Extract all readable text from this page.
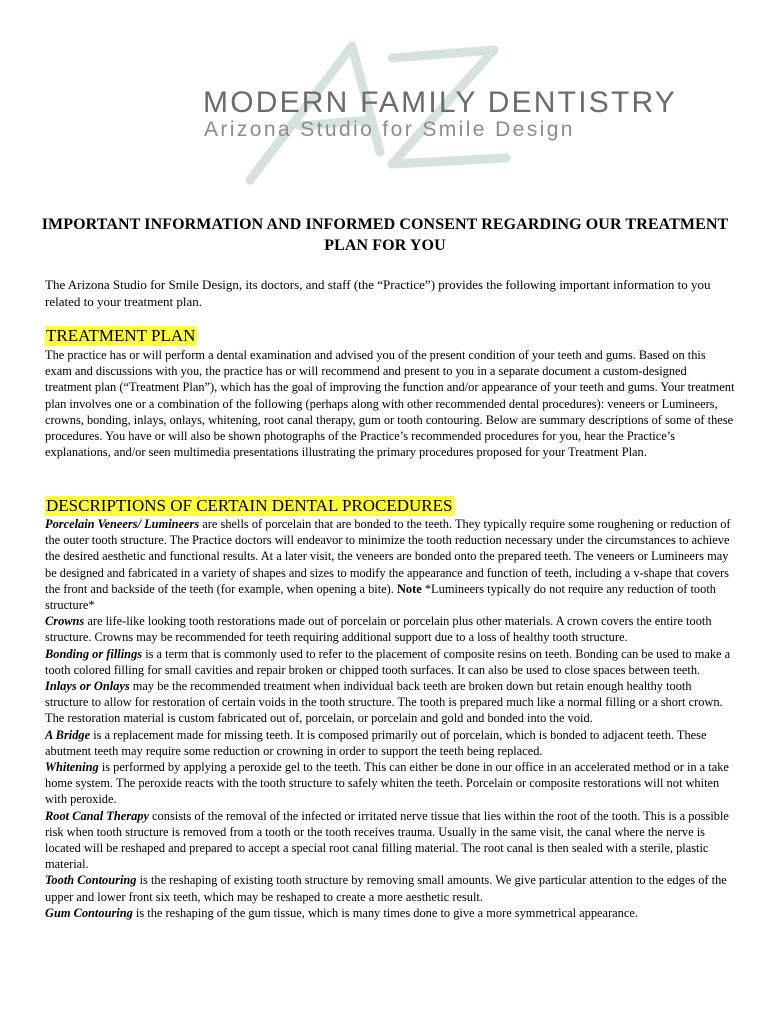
MODERN FAMILY DENTISTRY
Arizona Studio for Smile Design
IMPORTANT INFORMATION AND INFORMED CONSENT REGARDING OUR TREATMENT PLAN FOR YOU
The Arizona Studio for Smile Design, its doctors, and staff (the “Practice”) provides the following important information to you related to your treatment plan.
TREATMENT PLAN
The practice has or will perform a dental examination and advised you of the present condition of your teeth and gums. Based on this exam and discussions with you, the practice has or will recommend and present to you in a separate document a custom-designed treatment plan (“Treatment Plan”), which has the goal of improving the function and/or appearance of your teeth and gums. Your treatment plan involves one or a combination of the following (perhaps along with other recommended dental procedures): veneers or Lumineers, crowns, bonding, inlays, onlays, whitening, root canal therapy, gum or tooth contouring. Below are summary descriptions of some of these procedures. You have or will also be shown photographs of the Practice’s recommended procedures for you, hear the Practice’s explanations, and/or seen multimedia presentations illustrating the primary procedures proposed for your Treatment Plan.
DESCRIPTIONS OF CERTAIN DENTAL PROCEDURES
Porcelain Veneers/ Lumineers are shells of porcelain that are bonded to the teeth. They typically require some roughening or reduction of the outer tooth structure. The Practice doctors will endeavor to minimize the tooth reduction necessary under the circumstances to achieve the desired aesthetic and functional results. At a later visit, the veneers are bonded onto the prepared teeth. The veneers or Lumineers may be designed and fabricated in a variety of shapes and sizes to modify the appearance and function of teeth, including a v-shape that covers the front and backside of the teeth (for example, when opening a bite). Note *Lumineers typically do not require any reduction of tooth structure*
Crowns are life-like looking tooth restorations made out of porcelain or porcelain plus other materials. A crown covers the entire tooth structure. Crowns may be recommended for teeth requiring additional support due to a loss of healthy tooth structure.
Bonding or fillings is a term that is commonly used to refer to the placement of composite resins on teeth. Bonding can be used to make a tooth colored filling for small cavities and repair broken or chipped tooth surfaces. It can also be used to close spaces between teeth.
Inlays or Onlays may be the recommended treatment when individual back teeth are broken down but retain enough healthy tooth structure to allow for restoration of certain voids in the tooth structure. The tooth is prepared much like a normal filling or a short crown. The restoration material is custom fabricated out of, porcelain, or porcelain and gold and bonded into the void.
A Bridge is a replacement made for missing teeth. It is composed primarily out of porcelain, which is bonded to adjacent teeth. These abutment teeth may require some reduction or crowning in order to support the teeth being replaced.
Whitening is performed by applying a peroxide gel to the teeth. This can either be done in our office in an accelerated method or in a take home system. The peroxide reacts with the tooth structure to safely whiten the teeth. Porcelain or composite restorations will not whiten with peroxide.
Root Canal Therapy consists of the removal of the infected or irritated nerve tissue that lies within the root of the tooth. This is a possible risk when tooth structure is removed from a tooth or the tooth receives trauma. Usually in the same visit, the canal where the nerve is located will be reshaped and prepared to accept a special root canal filling material. The root canal is then sealed with a sterile, plastic material.
Tooth Contouring is the reshaping of existing tooth structure by removing small amounts. We give particular attention to the edges of the upper and lower front six teeth, which may be reshaped to create a more aesthetic result.
Gum Contouring is the reshaping of the gum tissue, which is many times done to give a more symmetrical appearance.
